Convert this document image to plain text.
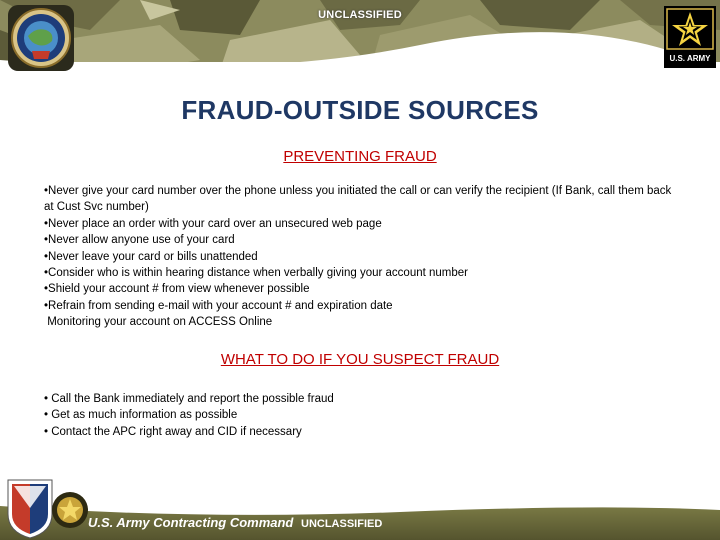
UNCLASSIFIED
U.S. ARMY
FRAUD-OUTSIDE SOURCES
PREVENTING FRAUD
•Never give your card number over the phone unless you initiated the call or can verify the recipient (If Bank, call them back at Cust Svc number)
•Never place an order with your card over an unsecured web page
•Never allow anyone use of your card
•Never leave your card or bills unattended
•Consider who is within hearing distance when verbally giving your account number
•Shield your account # from view whenever possible
•Refrain from sending e-mail with your account # and expiration date
Monitoring your account on ACCESS Online
WHAT TO DO IF YOU SUSPECT FRAUD
• Call the Bank immediately and report the possible fraud
• Get as much information as possible
• Contact the APC right away and CID if necessary
U.S. Army Contracting Command UNCLASSIFIED
